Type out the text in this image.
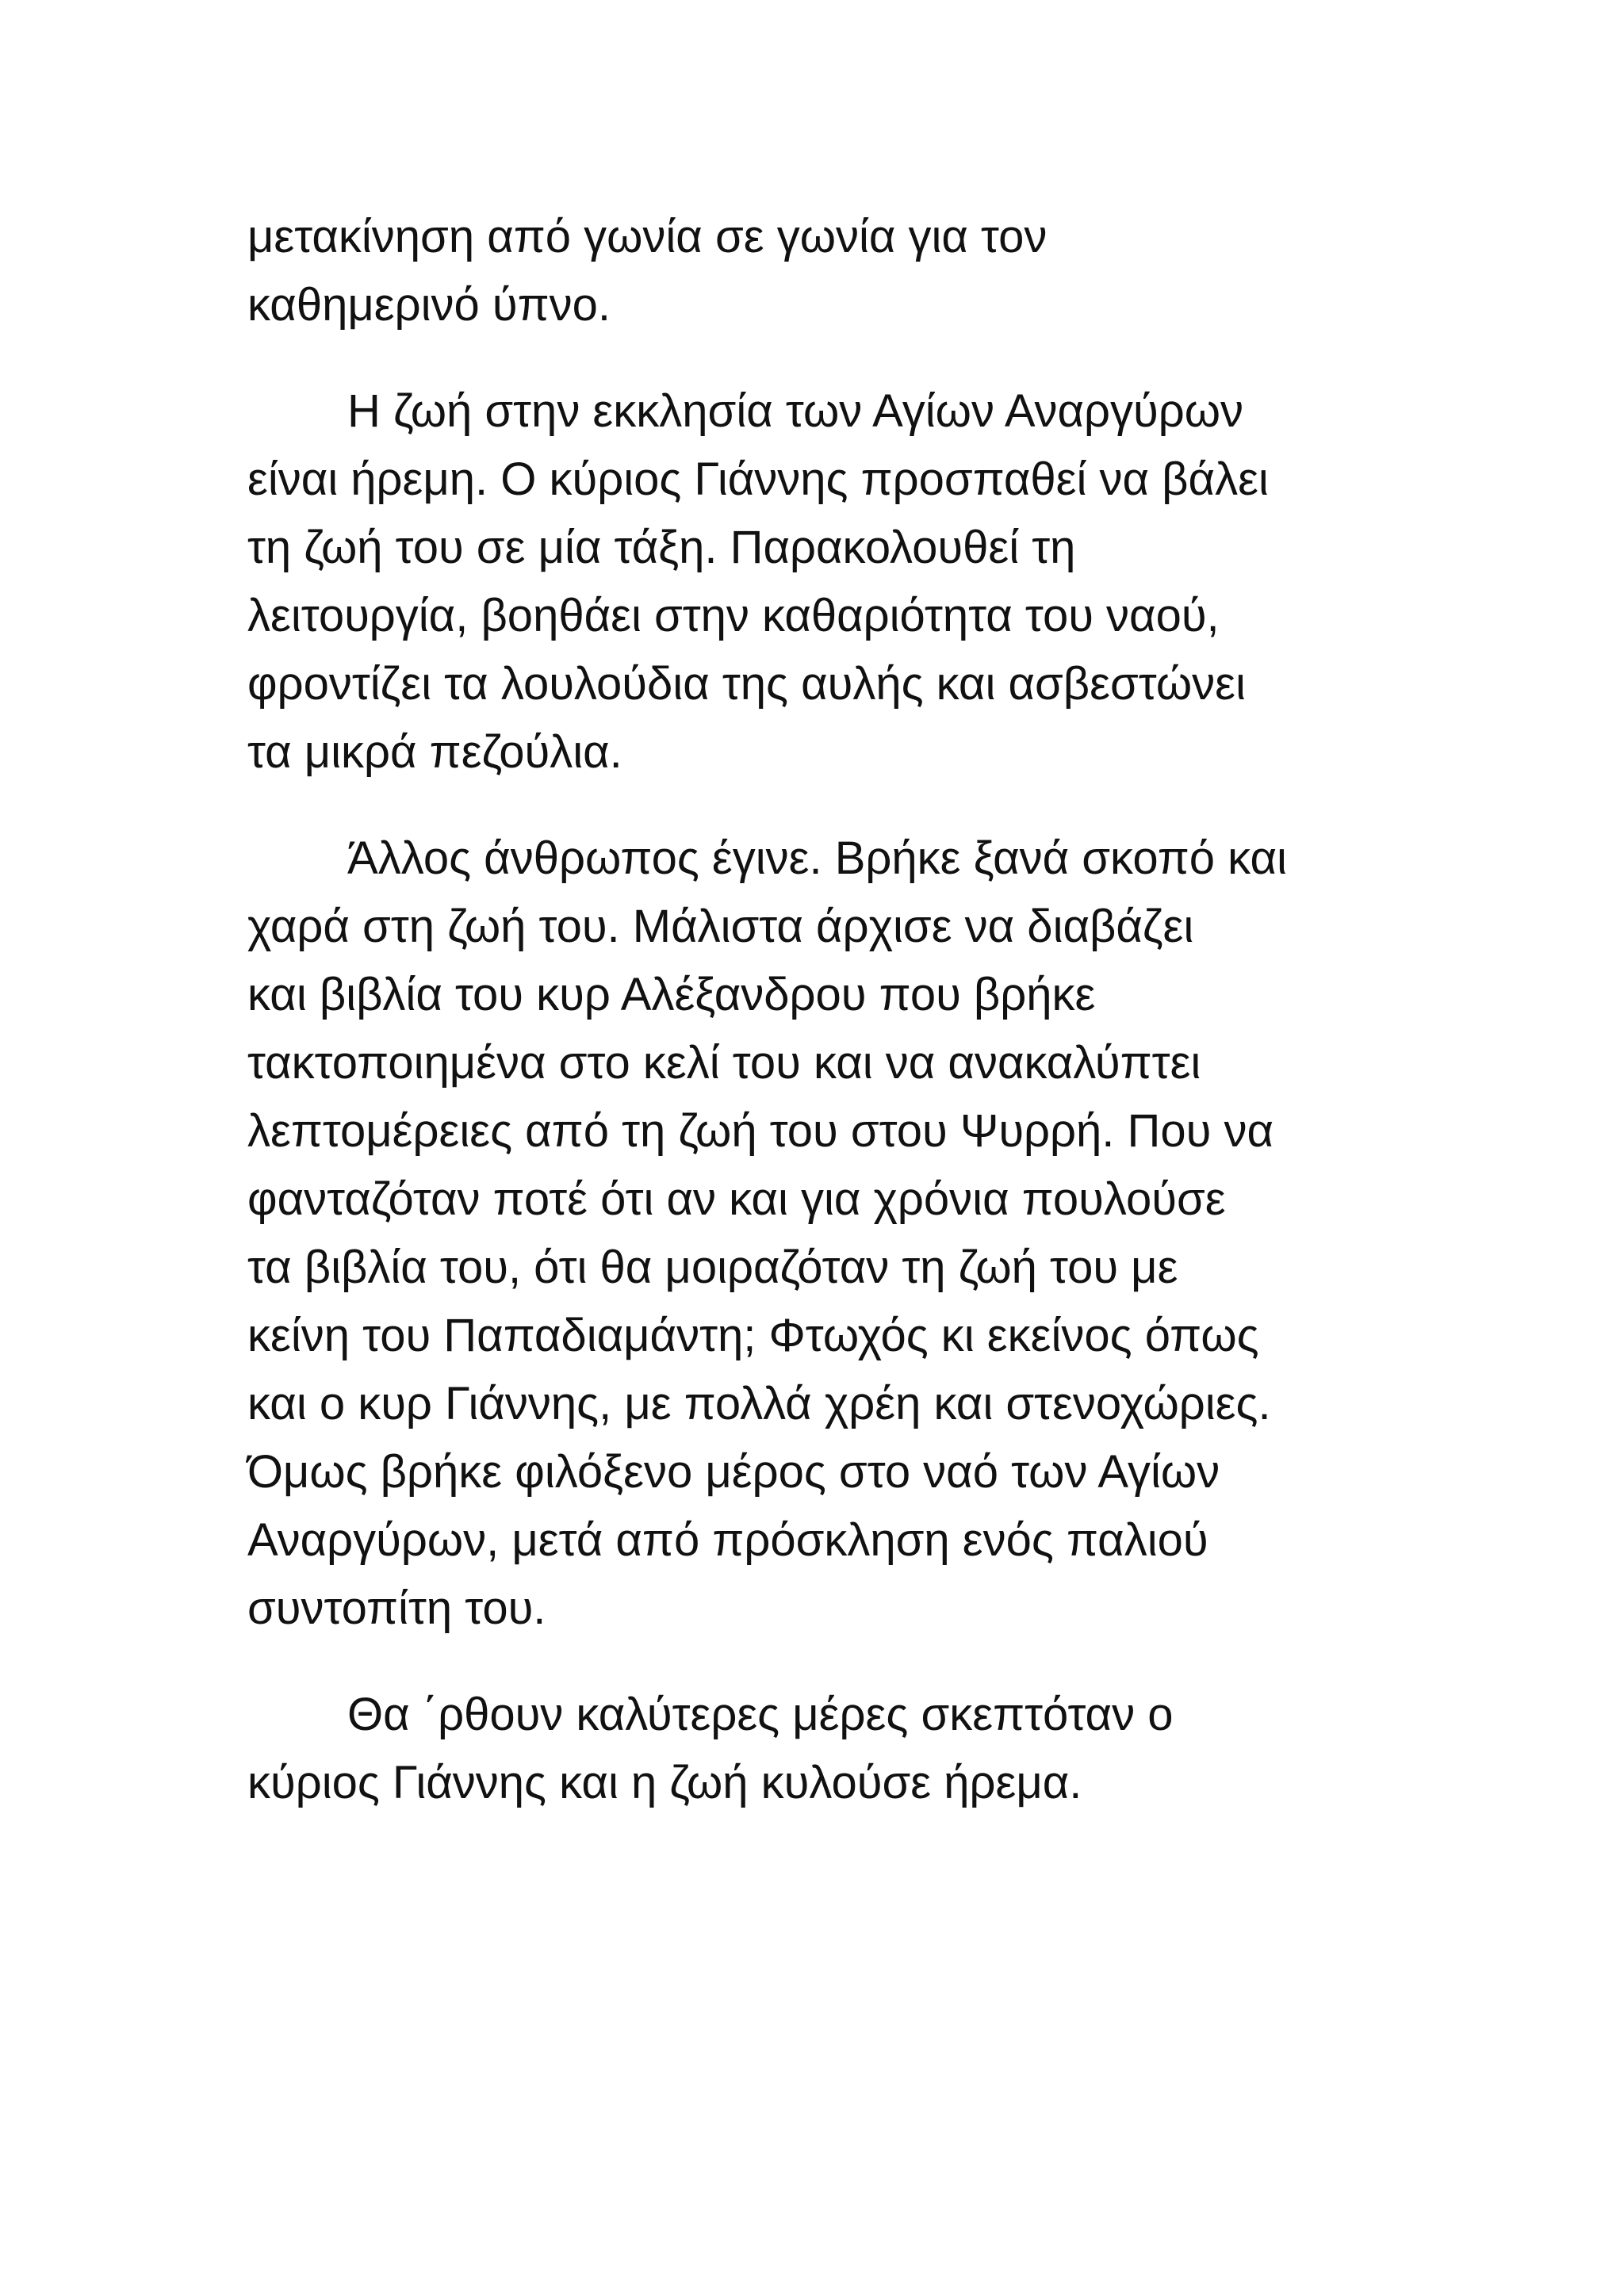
μετακίνηση από γωνία σε γωνία για τον
καθημερινό ύπνο.

Η ζωή στην εκκλησία των Αγίων Αναργύρων
είναι ήρεμη. Ο κύριος Γιάννης προσπαθεί να βάλει
τη ζωή του σε μία τάξη. Παρακολουθεί τη
λειτουργία, βοηθάει στην καθαριότητα του ναού,
φροντίζει τα λουλούδια της αυλής και ασβεστώνει
τα μικρά πεζούλια.

Άλλος άνθρωπος έγινε. Βρήκε ξανά σκοπό και
χαρά στη ζωή του. Μάλιστα άρχισε να διαβάζει
και βιβλία του κυρ Αλέξανδρου που βρήκε
τακτοποιημένα στο κελί του και να ανακαλύπτει
λεπτομέρειες από τη ζωή του στου Ψυρρή. Που να
φανταζόταν ποτέ ότι αν και για χρόνια πουλούσε
τα βιβλία του, ότι θα μοιραζόταν τη ζωή του με
κείνη του Παπαδιαμάντη; Φτωχός κι εκείνος όπως
και ο κυρ Γιάννης, με πολλά χρέη και στενοχώριες.
Όμως βρήκε φιλόξενο μέρος στο ναό των Αγίων
Αναργύρων, μετά από πρόσκληση ενός παλιού
συντοπίτη του.

Θα ΄ρθουν καλύτερες μέρες σκεπτόταν ο
κύριος Γιάννης και η ζωή κυλούσε ήρεμα.
